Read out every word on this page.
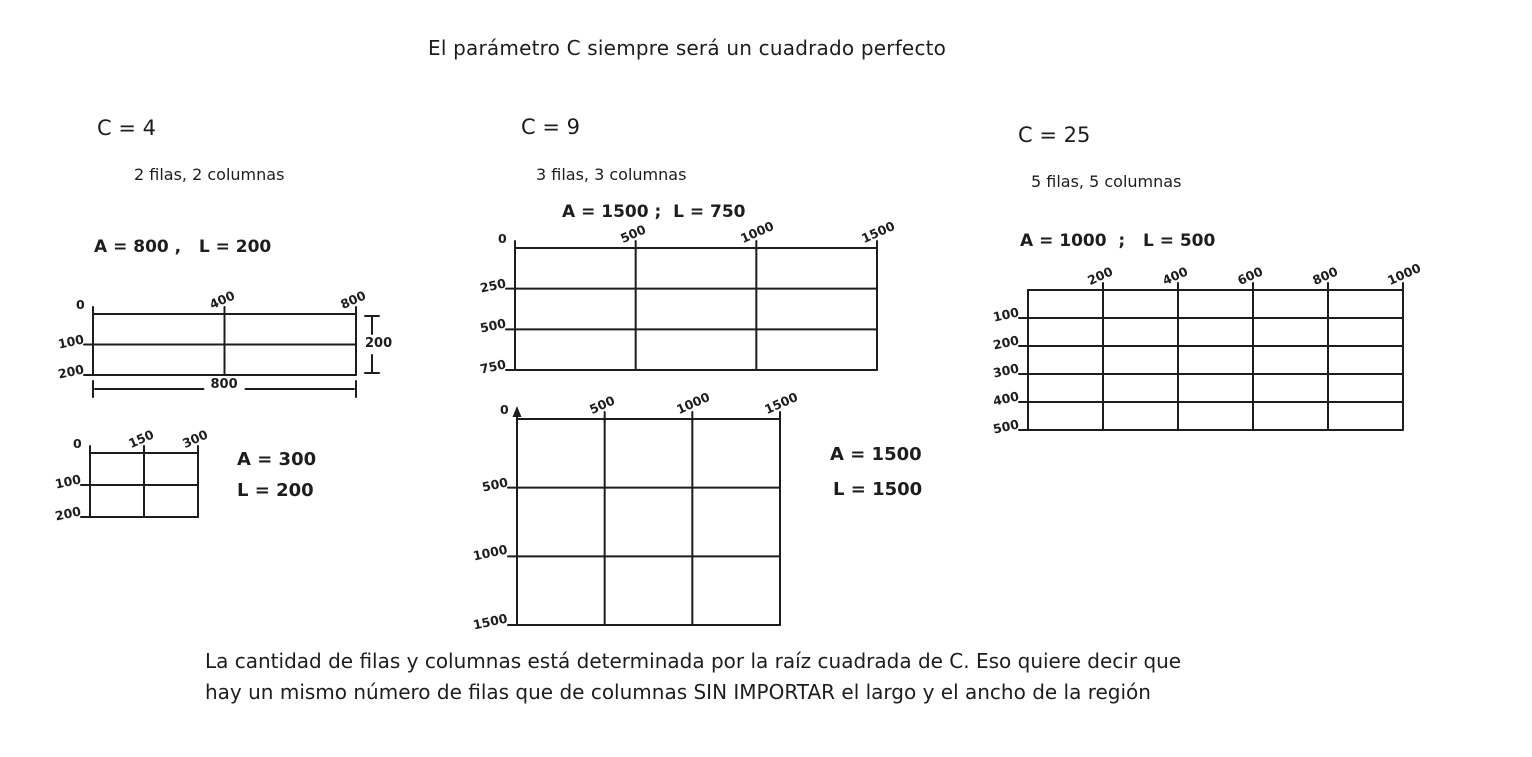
El parámetro C siempre será un cuadrado perfecto
C = 4
2 filas, 2 columnas
A = 800 ,   L = 200
0	400	800
100
200
200
800
0	150 300
100
200
A = 300
L = 200
C = 9
3 filas, 3 columnas
A = 1500 ;  L = 750
0	500	1000	1500
250
500
750
0	500	1000	1500
500
1000
1500
A = 1500
L = 1500
C = 25
5 filas, 5 columnas
A = 1000  ;   L = 500
200	400	600	800	1000
100
200
300
400
500
La cantidad de filas y columnas está determinada por la raíz cuadrada de C. Eso quiere decir que
hay un mismo número de filas que de columnas SIN IMPORTAR el largo y el ancho de la región
